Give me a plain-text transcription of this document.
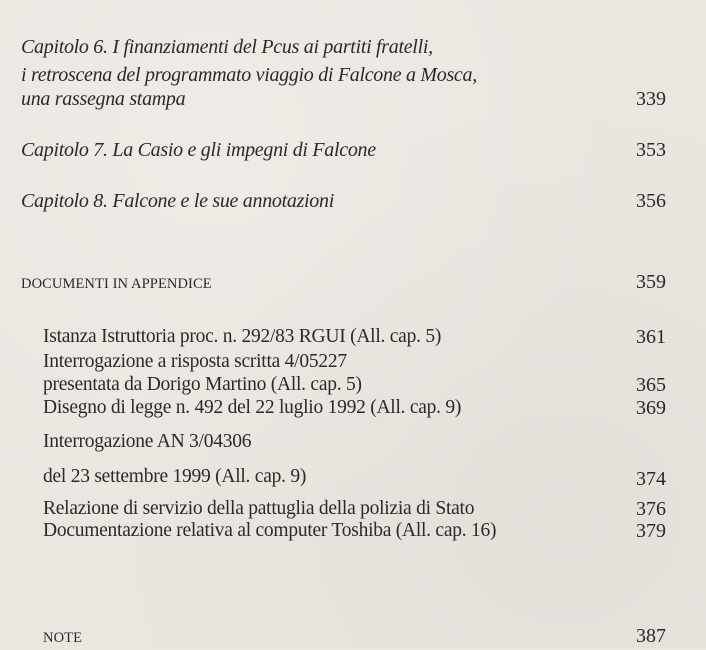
Capitolo 6. I finanziamenti del Pcus ai partiti fratelli,
i retroscena del programmato viaggio di Falcone a Mosca,
una rassegna stampa	339
Capitolo 7. La Casio e gli impegni di Falcone	353
Capitolo 8. Falcone e le sue annotazioni	356
DOCUMENTI IN APPENDICE	359
Istanza Istruttoria proc. n. 292/83 RGUI (All. cap. 5)	361
Interrogazione a risposta scritta 4/05227
presentata da Dorigo Martino (All. cap. 5)	365
Disegno di legge n. 492 del 22 luglio 1992 (All. cap. 9)	369
Interrogazione AN 3/04306
del 23 settembre 1999 (All. cap. 9)	374
Relazione di servizio della pattuglia della polizia di Stato	376
Documentazione relativa al computer Toshiba (All. cap. 16)	379
NOTE	387
